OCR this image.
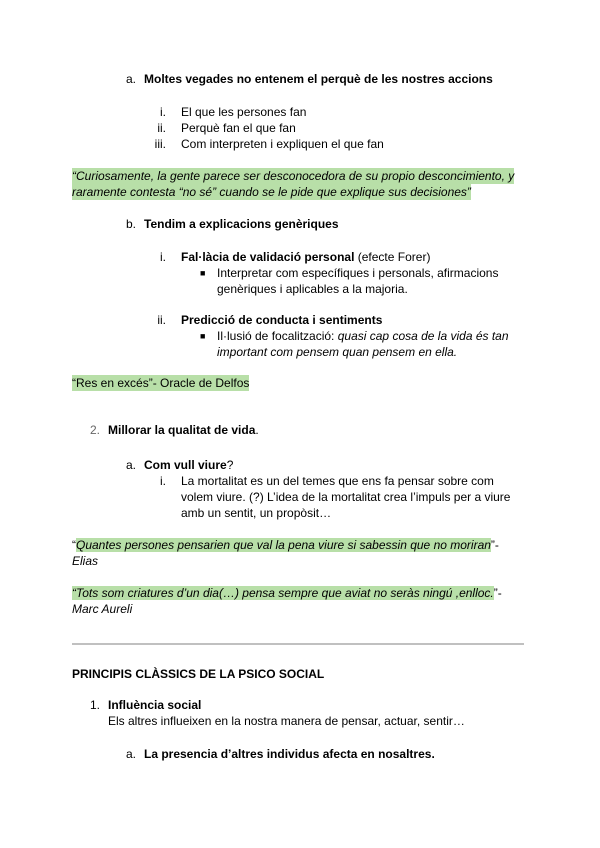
a. Moltes vegades no entenem el perquè de les nostres accions
i. El que les persones fan
ii. Perquè fan el que fan
iii. Com interpreten i expliquen el que fan
“Curiosamente, la gente parece ser desconocedora de su propio desconcimiento, y
raramente contesta “no sé” cuando se le pide que explique sus decisiones”
b. Tendim a explicacions genèriques
i. Fal·làcia de validació personal (efecte Forer)
■ Interpretar com específiques i personals, afirmacions
genèriques i aplicables a la majoria.
ii. Predicció de conducta i sentiments
■ Il·lusió de focalització: quasi cap cosa de la vida és tan
important com pensem quan pensem en ella.
“Res en excés”- Oracle de Delfos
2. Millorar la qualitat de vida.
a. Com vull viure?
i. La mortalitat es un del temes que ens fa pensar sobre com
volem viure. (?) L’idea de la mortalitat crea l’impuls per a viure
amb un sentit, un propòsit…
“Quantes persones pensarien que val la pena viure si sabessin que no moriran”-
Elias
“Tots som criatures d’un dia(…) pensa sempre que aviat no seràs ningú ,enlloc.”-
Marc Aureli
PRINCIPIS CLÀSSICS DE LA PSICO SOCIAL
1. Influència social
Els altres influeixen en la nostra manera de pensar, actuar, sentir…
a. La presencia d’altres individus afecta en nosaltres.
